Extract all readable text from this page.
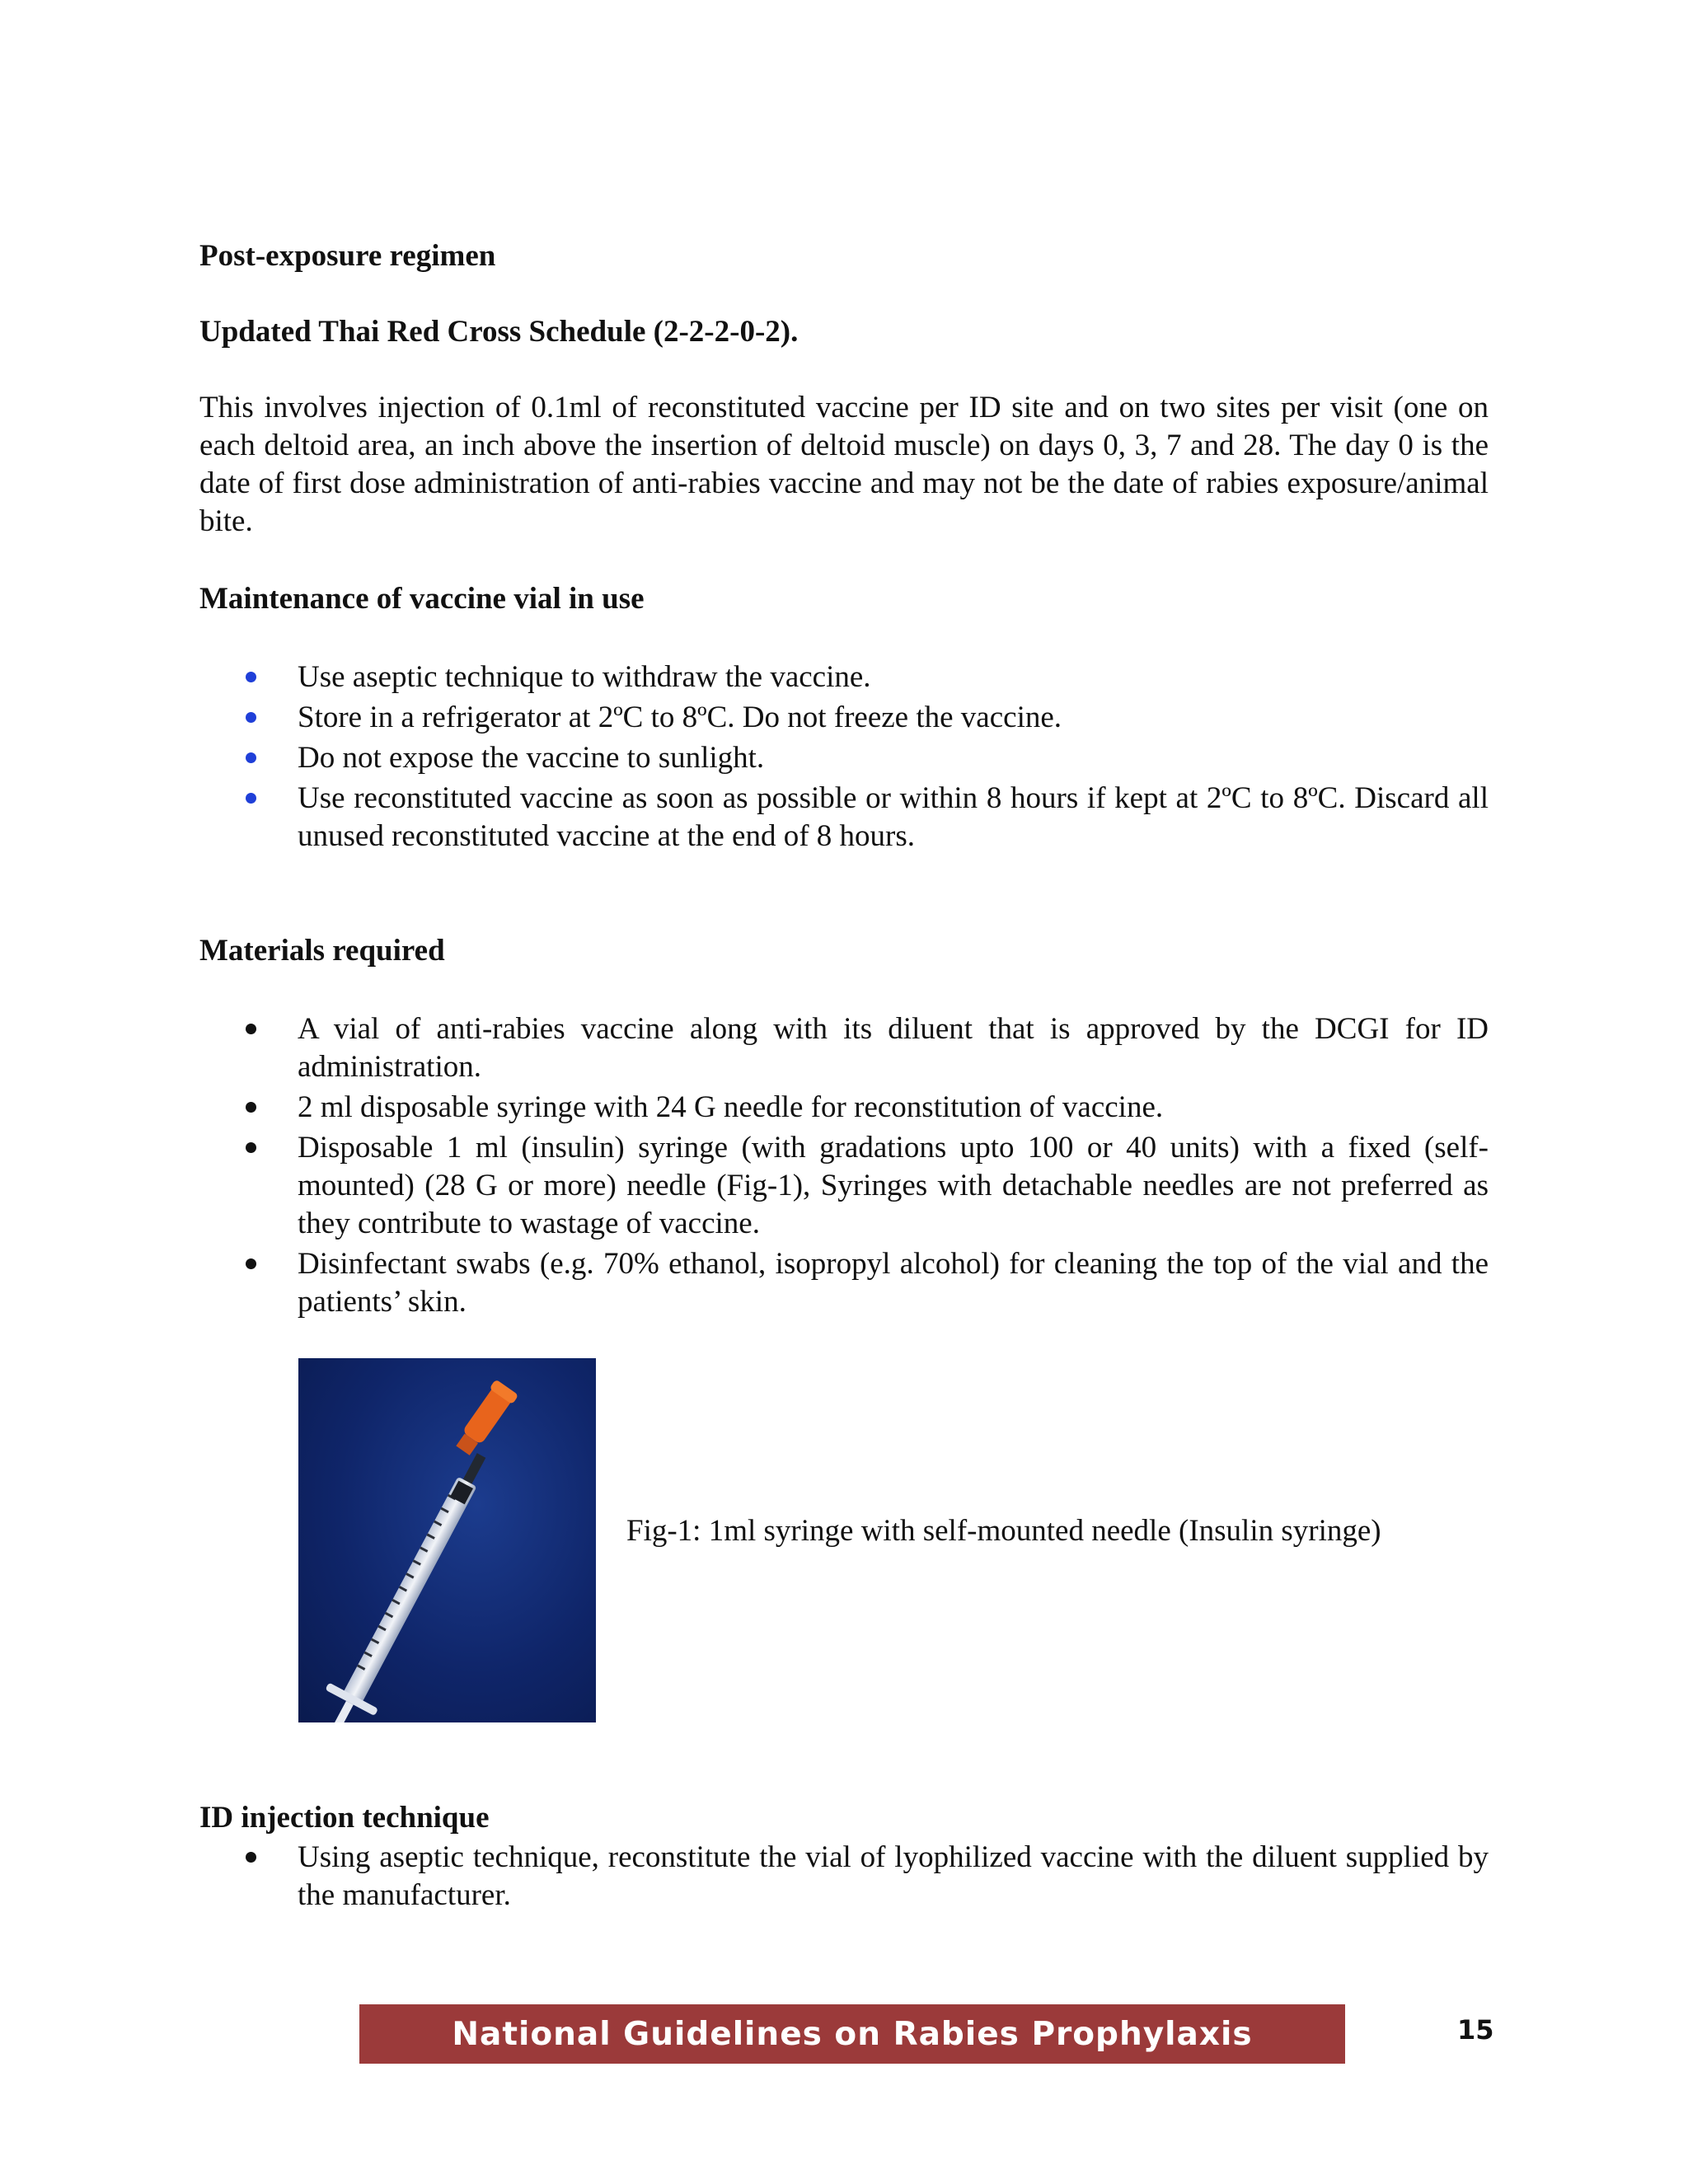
Post-exposure regimen
Updated Thai Red Cross Schedule (2-2-2-0-2).

This involves injection of 0.1ml of reconstituted vaccine per ID site and on two sites per visit (one on each deltoid area, an inch above the insertion of deltoid muscle) on days 0, 3, 7 and 28. The day 0 is the date of first dose administration of anti-rabies vaccine and may not be the date of rabies exposure/animal bite.

Maintenance of vaccine vial in use
Use aseptic technique to withdraw the vaccine.
Store in a refrigerator at 2ºC to 8ºC. Do not freeze the vaccine.
Do not expose the vaccine to sunlight.
Use reconstituted vaccine as soon as possible or within 8 hours if kept at 2ºC to 8ºC. Discard all unused reconstituted vaccine at the end of 8 hours.
Materials required
A vial of anti-rabies vaccine along with its diluent that is approved by the DCGI for ID administration.
2 ml disposable syringe with 24 G needle for reconstitution of vaccine.
Disposable 1 ml (insulin) syringe (with gradations upto 100 or 40 units) with a fixed (self-mounted) (28 G or more) needle (Fig-1), Syringes with detachable needles are not preferred as they contribute to wastage of vaccine.
Disinfectant swabs (e.g. 70% ethanol, isopropyl alcohol) for cleaning the top of the vial and the patients’ skin.

Fig-1: 1ml syringe with self-mounted needle (Insulin syringe)

ID injection technique
Using aseptic technique, reconstitute the vial of lyophilized vaccine with the diluent supplied by the manufacturer.
National Guidelines on Rabies Prophylaxis	15
